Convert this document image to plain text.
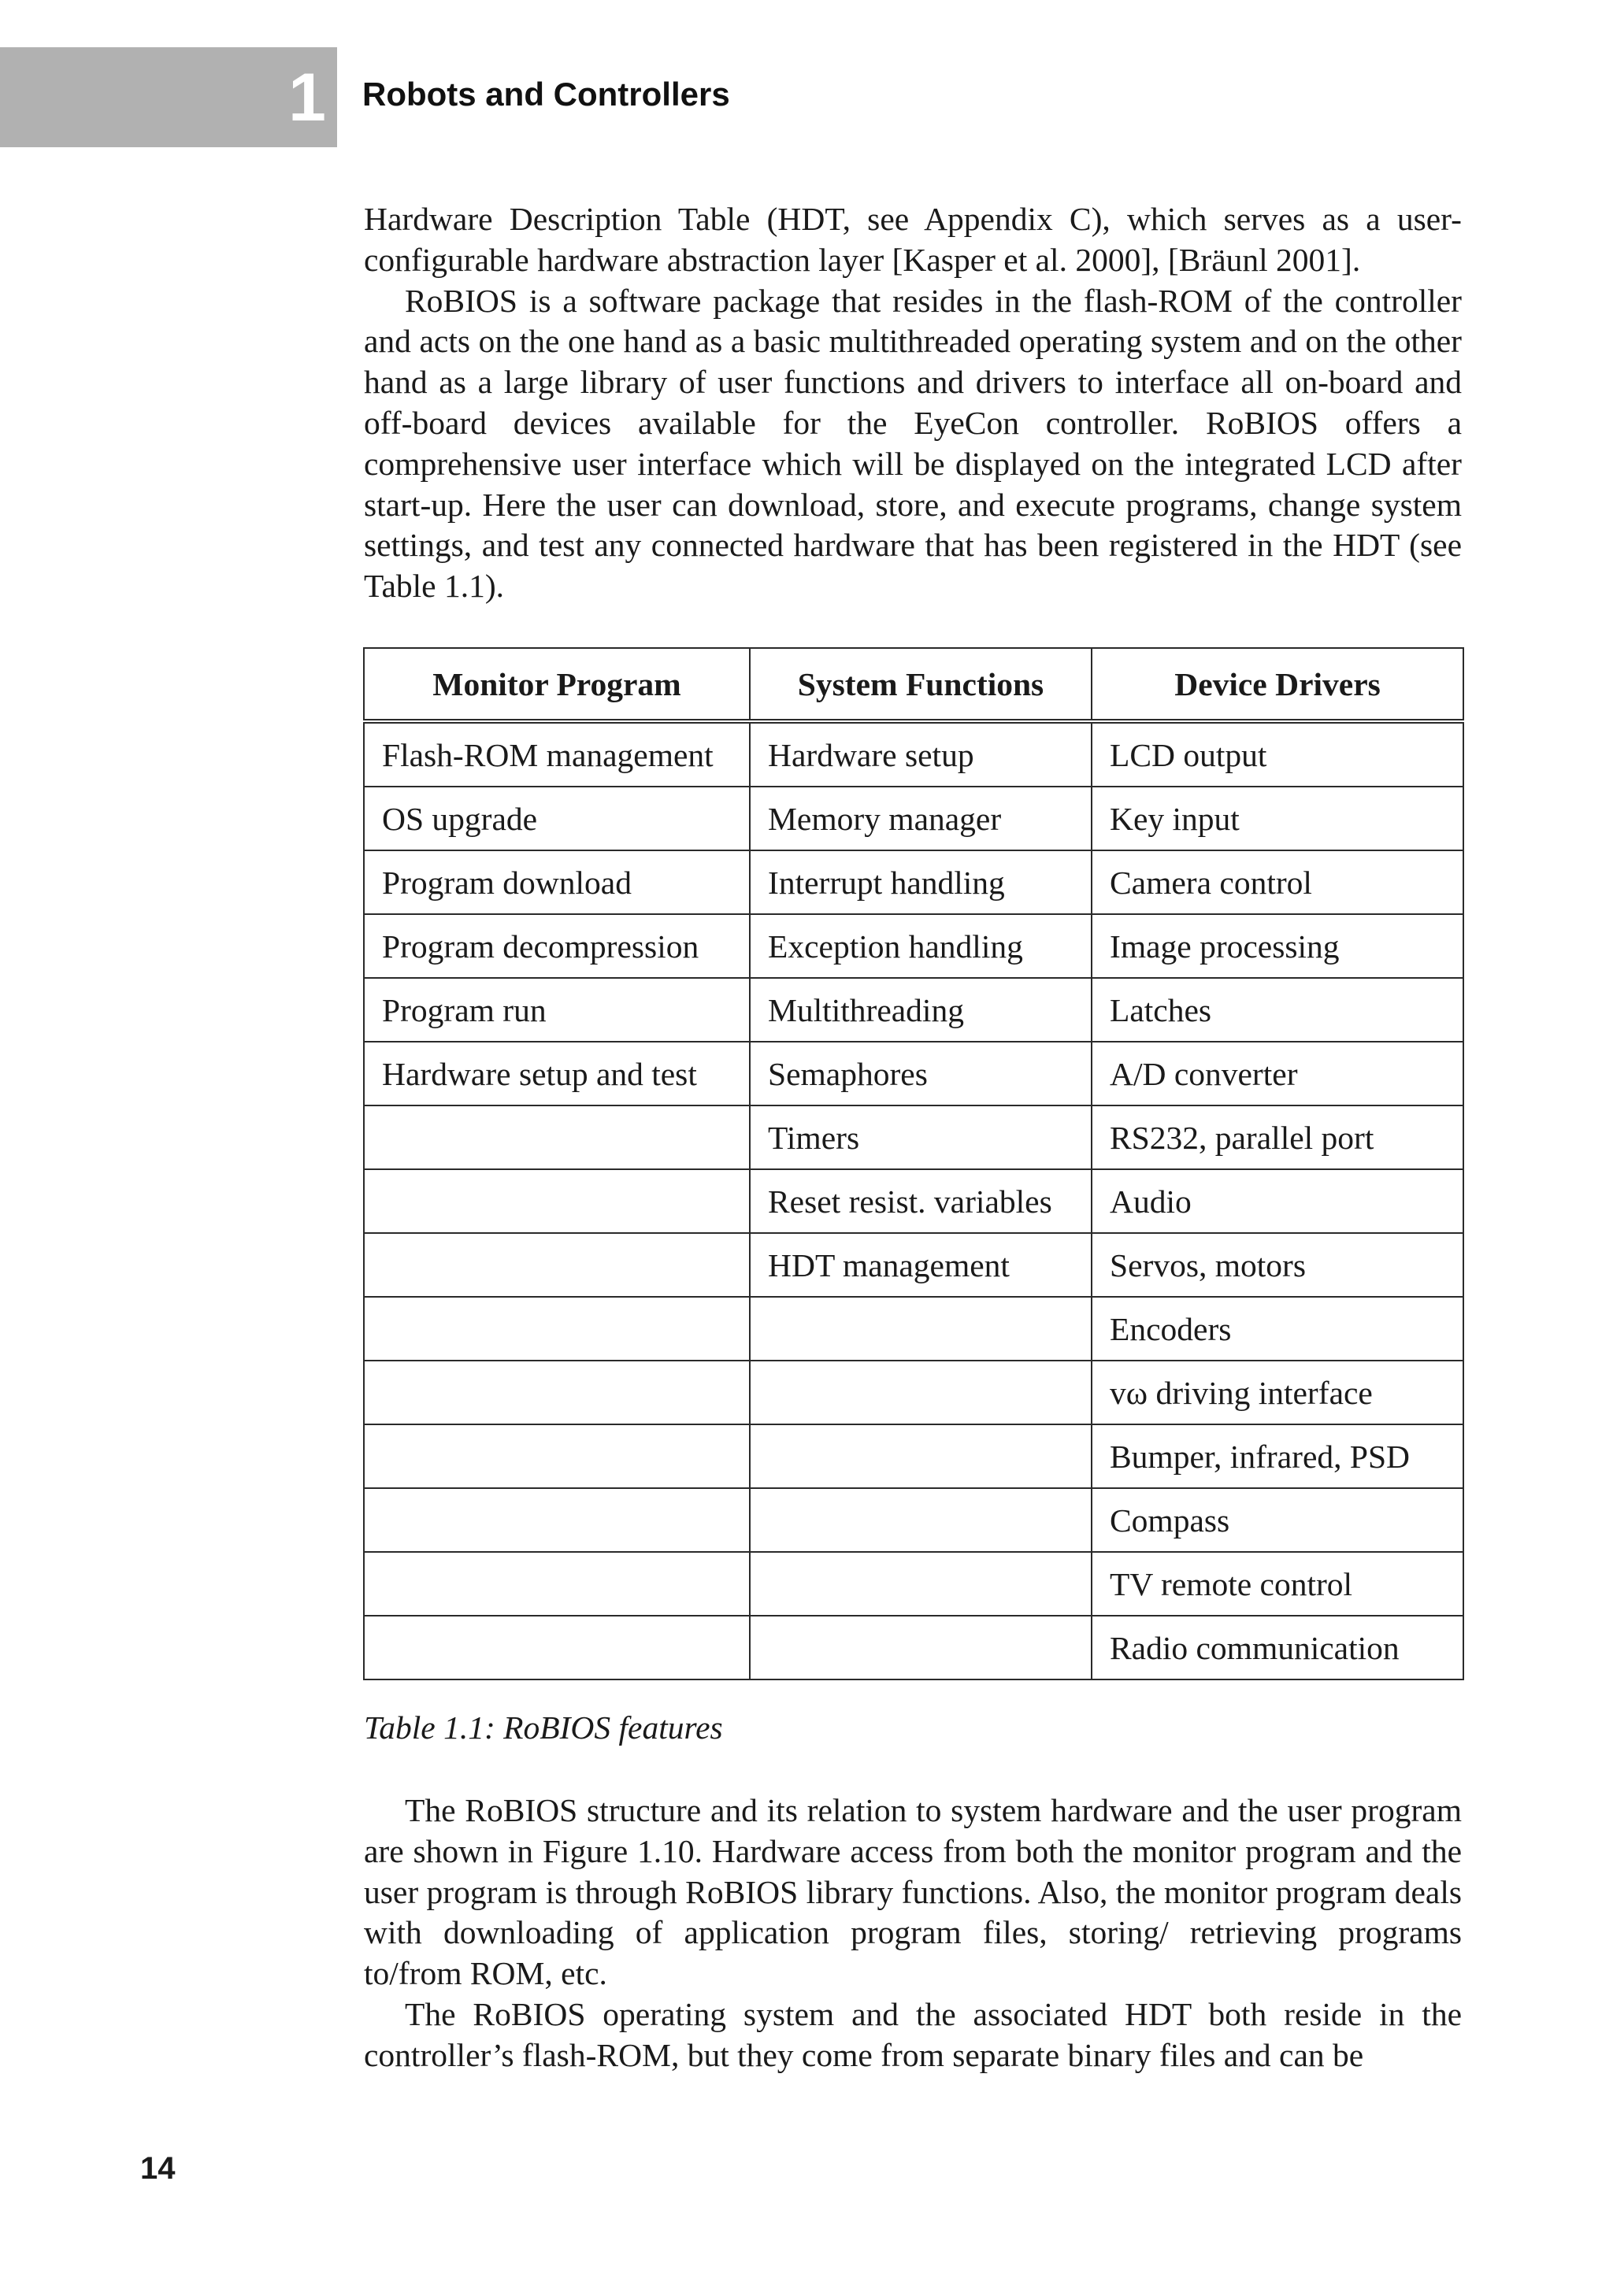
1 Robots and Controllers

Hardware Description Table (HDT, see Appendix C), which serves as a user-configurable hardware abstraction layer [Kasper et al. 2000], [Bräunl 2001].

RoBIOS is a software package that resides in the flash-ROM of the controller and acts on the one hand as a basic multithreaded operating system and on the other hand as a large library of user functions and drivers to interface all on-board and off-board devices available for the EyeCon controller. RoBIOS offers a comprehensive user interface which will be displayed on the integrated LCD after start-up. Here the user can download, store, and execute programs, change system settings, and test any connected hardware that has been registered in the HDT (see Table 1.1).

Monitor Program	System Functions	Device Drivers
Flash-ROM management	Hardware setup	LCD output
OS upgrade	Memory manager	Key input
Program download	Interrupt handling	Camera control
Program decompression	Exception handling	Image processing
Program run	Multithreading	Latches
Hardware setup and test	Semaphores	A/D converter
	Timers	RS232, parallel port
	Reset resist. variables	Audio
	HDT management	Servos, motors
		Encoders
		vω driving interface
		Bumper, infrared, PSD
		Compass
		TV remote control
		Radio communication
Table 1.1: RoBIOS features

The RoBIOS structure and its relation to system hardware and the user program are shown in Figure 1.10. Hardware access from both the monitor program and the user program is through RoBIOS library functions. Also, the monitor program deals with downloading of application program files, storing/ retrieving programs to/from ROM, etc.

The RoBIOS operating system and the associated HDT both reside in the controller’s flash-ROM, but they come from separate binary files and can be

14
